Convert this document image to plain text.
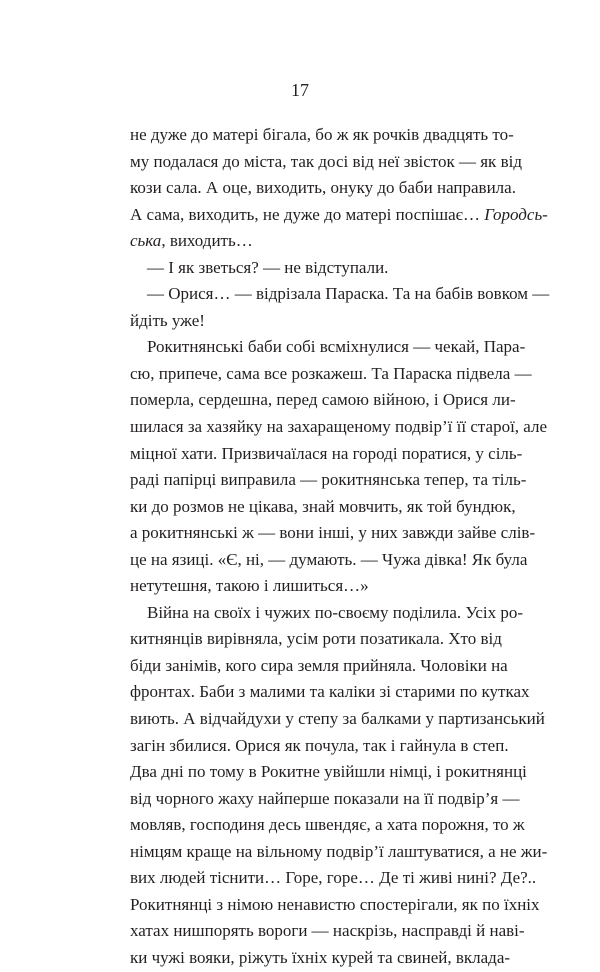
17
не дуже до матері бігала, бо ж як рочків двадцять то-
му подалася до міста, так досі від неї звісток — як від
кози сала. А оце, виходить, онуку до баби направила.
А сама, виходить, не дуже до матері поспішає… Городсь-
ська, виходить…
— І як зветься? — не відступали.
— Орися… — відрізала Параска. Та на бабів вовком —
йдіть уже!
Рокитнянські баби собі всміхнулися — чекай, Пара-
сю, припече, сама все розкажеш. Та Параска підвела —
померла, сердешна, перед самою війною, і Орися ли-
шилася за хазяйку на захаращеному подвір’ї її старої, але
міцної хати. Призвичаїлася на городі поратися, у сіль-
раді папірці виправила — рокитнянська тепер, та тіль-
ки до розмов не цікава, знай мовчить, як той бундюк,
а рокитнянські ж — вони інші, у них завжди зайве слів-
це на язиці. «Є, ні, — думають. — Чужа дівка! Як була
нетутешня, такою і лишиться…»
Війна на своїх і чужих по-своєму поділила. Усіх ро-
китнянців вирівняла, усім роти позатикала. Хто від
біди занімів, кого сира земля прийняла. Чоловіки на
фронтах. Баби з малими та каліки зі старими по кутках
виють. А відчайдухи у степу за балками у партизанський
загін збилися. Орися як почула, так і гайнула в степ.
Два дні по тому в Рокитне увійшли німці, і рокитнянці
від чорного жаху найперше показали на її подвір’я —
мовляв, господиня десь швендяє, а хата порожня, то ж
німцям краще на вільному подвір’ї лаштуватися, а не жи-
вих людей тіснити… Горе, горе… Де ті живі нині? Де?..
Рокитнянці з німою ненавистю спостерігали, як по їхніх
хатах нишпорять вороги — наскрізь, насправді й наві-
ки чужі вояки, ріжуть їхніх курей та свиней, вклада-
